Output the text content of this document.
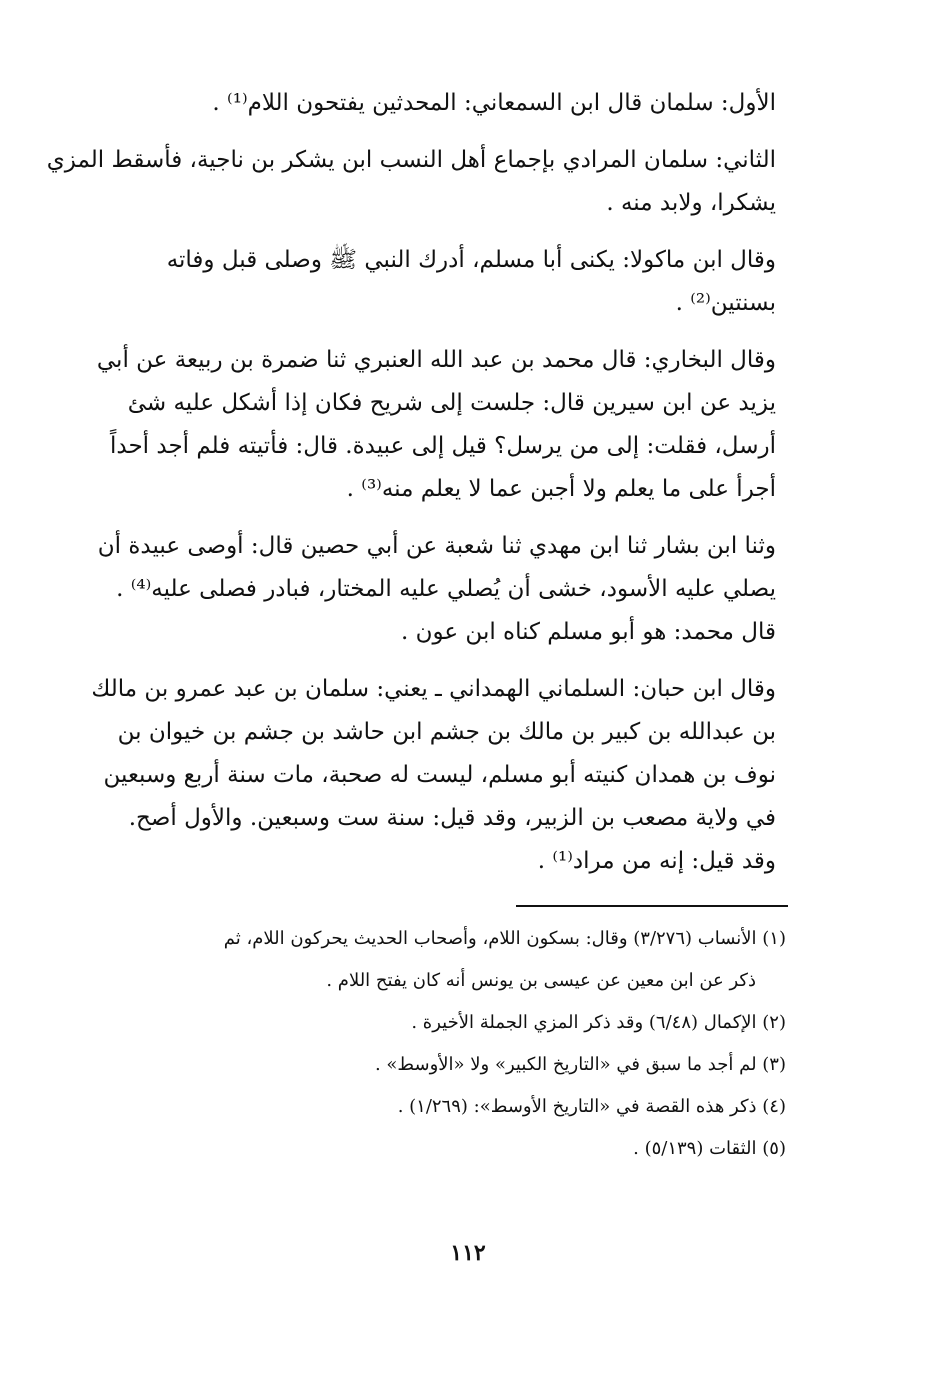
الأول: سلمان قال ابن السمعاني: المحدثين يفتحون اللام⁽¹⁾ .

الثاني: سلمان المرادي بإجماع أهل النسب ابن يشكر بن ناجية، فأسقط المزي
يشكرا، ولابد منه .

وقال ابن ماكولا: يكنى أبا مسلم، أدرك النبي ﷺ وصلى قبل وفاته
بسنتين⁽²⁾ .

وقال البخاري: قال محمد بن عبد الله العنبري ثنا ضمرة بن ربيعة عن أبي
يزيد عن ابن سيرين قال: جلست إلى شريح فكان إذا أشكل عليه شئ
أرسل، فقلت: إلى من يرسل؟ قيل إلى عبيدة. قال: فأتيته فلم أجد أحداً
أجرأ على ما يعلم ولا أجبن عما لا يعلم منه⁽³⁾ .

وثنا ابن بشار ثنا ابن مهدي ثنا شعبة عن أبي حصين قال: أوصى عبيدة أن
يصلي عليه الأسود، خشى أن يُصلي عليه المختار، فبادر فصلى عليه⁽⁴⁾ .
قال محمد: هو أبو مسلم كناه ابن عون .

وقال ابن حبان: السلماني الهمداني ـ يعني: سلمان بن عبد عمرو بن مالك
بن عبدالله بن كبير بن مالك بن جشم ابن حاشد بن جشم بن خيوان بن
نوف بن همدان كنيته أبو مسلم، ليست له صحبة، مات سنة أربع وسبعين
في ولاية مصعب بن الزبير، وقد قيل: سنة ست وسبعين. والأول أصح.
وقد قيل: إنه من مراد⁽¹⁾ .

(١) الأنساب (٣/٢٧٦) وقال: بسكون اللام، وأصحاب الحديث يحركون اللام، ثم
ذكر عن ابن معين عن عيسى بن يونس أنه كان يفتح اللام .
(٢) الإكمال (٦/٤٨) وقد ذكر المزي الجملة الأخيرة .
(٣) لم أجد ما سبق في «التاريخ الكبير» ولا «الأوسط» .
(٤) ذكر هذه القصة في «التاريخ الأوسط»: (١/٢٦٩) .
(٥) الثقات (٥/١٣٩) .
١١٢
